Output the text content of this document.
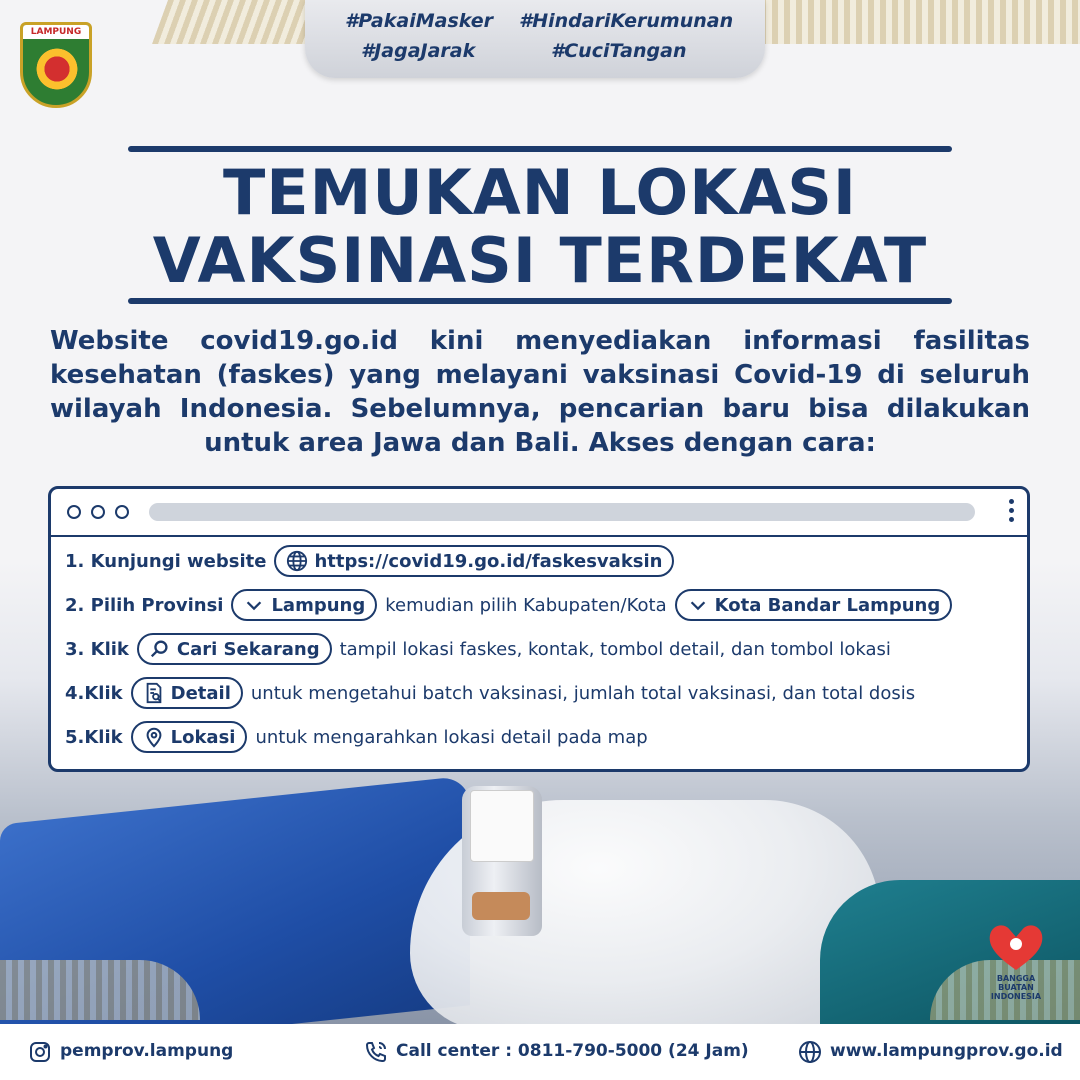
LAMPUNG	#PakaiMasker #HindariKerumunan
#JagaJarak	#CuciTangan
TEMUKAN LOKASI
VAKSINASI TERDEKAT

Website covid19.go.id kini menyediakan informasi fasilitas kesehatan (faskes) yang melayani vaksinasi Covid-19 di seluruh wilayah Indonesia. Sebelumnya, pencarian baru bisa dilakukan untuk area Jawa dan Bali. Akses dengan cara:

1. Kunjungi website	https://covid19.go.id/faskesvaksin
2. Pilih Provinsi	Lampung kemudian pilih Kabupaten/Kota	Kota Bandar Lampung
3. Klik	Cari Sekarang tampil lokasi faskes, kontak, tombol detail, dan tombol lokasi
4.Klik	Detail untuk mengetahui batch vaksinasi, jumlah total vaksinasi, dan total dosis
5.Klik	Lokasi untuk mengarahkan lokasi detail pada map
BANGGA BUATAN INDONESIA
pemprov.lampung	Call center : 0811-790-5000 (24 Jam)	www.lampungprov.go.id
